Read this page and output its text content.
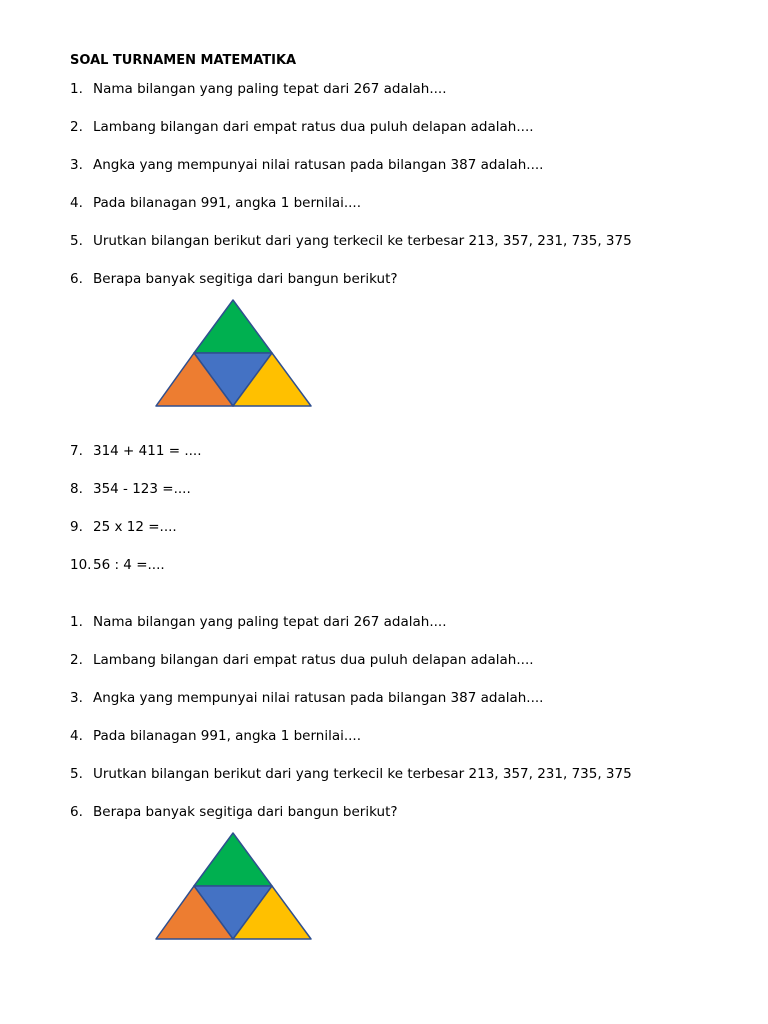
SOAL TURNAMEN MATEMATIKA
1. Nama bilangan yang paling tepat dari 267 adalah....
2. Lambang bilangan dari empat ratus dua puluh delapan adalah....
3. Angka yang mempunyai nilai ratusan pada bilangan 387 adalah....
4. Pada bilanagan 991, angka 1 bernilai....
5. Urutkan bilangan berikut dari yang terkecil ke terbesar 213, 357, 231, 735, 375
6. Berapa banyak segitiga dari bangun berikut?
7. 314 + 411 = ....
8. 354 - 123 =....
9. 25 x 12 =....
10. 56 : 4 =....
1. Nama bilangan yang paling tepat dari 267 adalah....
2. Lambang bilangan dari empat ratus dua puluh delapan adalah....
3. Angka yang mempunyai nilai ratusan pada bilangan 387 adalah....
4. Pada bilanagan 991, angka 1 bernilai....
5. Urutkan bilangan berikut dari yang terkecil ke terbesar 213, 357, 231, 735, 375
6. Berapa banyak segitiga dari bangun berikut?
